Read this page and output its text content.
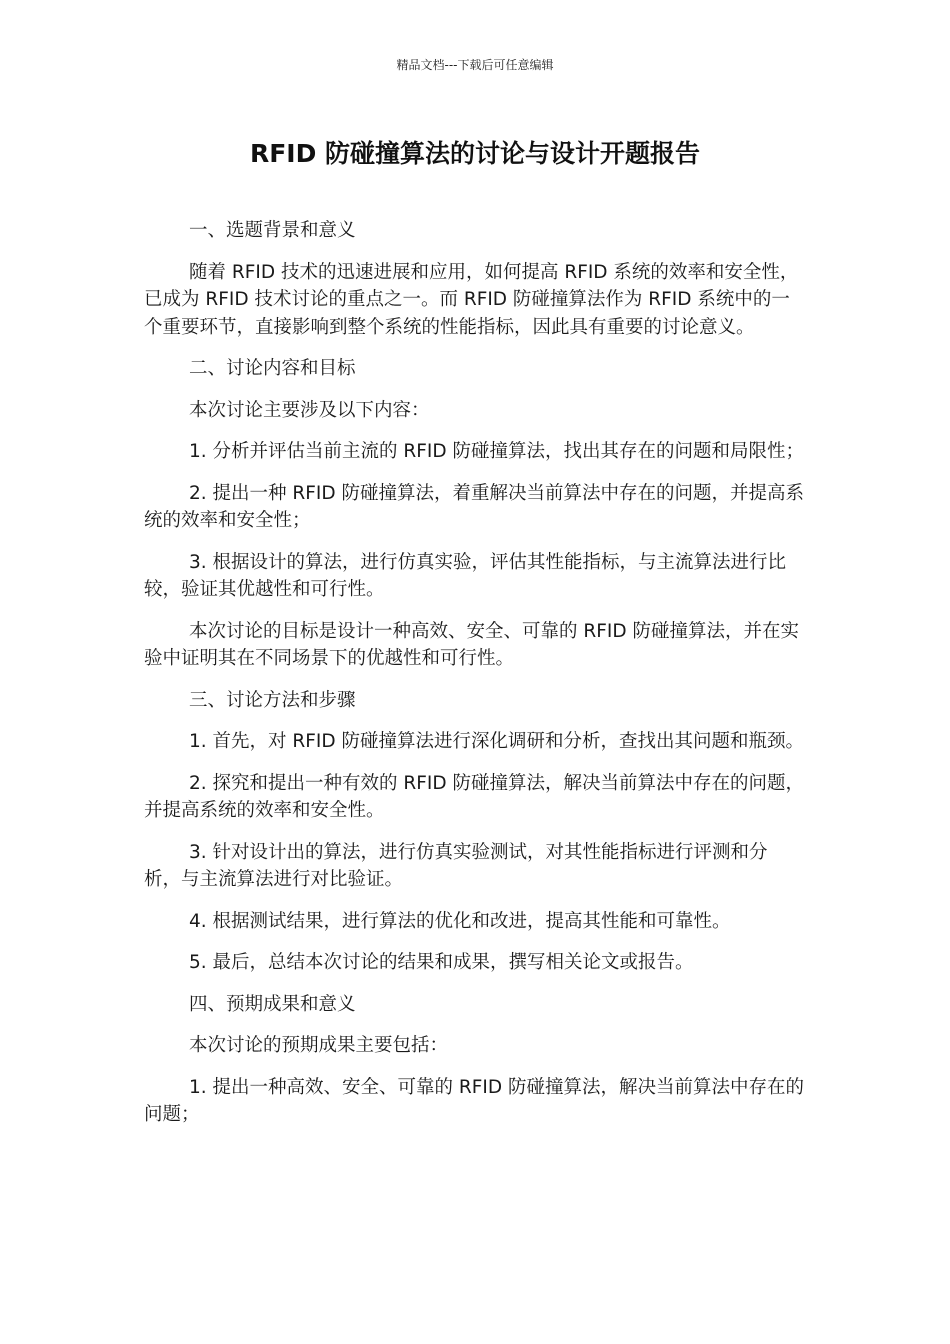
精品文档---下载后可任意编辑
RFID 防碰撞算法的讨论与设计开题报告

一、选题背景和意义

随着 RFID 技术的迅速进展和应用，如何提高 RFID 系统的效率和安全性，已成为 RFID 技术讨论的重点之一。而 RFID 防碰撞算法作为 RFID 系统中的一个重要环节，直接影响到整个系统的性能指标，因此具有重要的讨论意义。

二、讨论内容和目标

本次讨论主要涉及以下内容：

1. 分析并评估当前主流的 RFID 防碰撞算法，找出其存在的问题和局限性；

2. 提出一种 RFID 防碰撞算法，着重解决当前算法中存在的问题，并提高系统的效率和安全性；

3. 根据设计的算法，进行仿真实验，评估其性能指标，与主流算法进行比较，验证其优越性和可行性。

本次讨论的目标是设计一种高效、安全、可靠的 RFID 防碰撞算法，并在实验中证明其在不同场景下的优越性和可行性。

三、讨论方法和步骤

1. 首先，对 RFID 防碰撞算法进行深化调研和分析，查找出其问题和瓶颈。

2. 探究和提出一种有效的 RFID 防碰撞算法，解决当前算法中存在的问题，并提高系统的效率和安全性。

3. 针对设计出的算法，进行仿真实验测试，对其性能指标进行评测和分析，与主流算法进行对比验证。

4. 根据测试结果，进行算法的优化和改进，提高其性能和可靠性。

5. 最后，总结本次讨论的结果和成果，撰写相关论文或报告。

四、预期成果和意义

本次讨论的预期成果主要包括：

1. 提出一种高效、安全、可靠的 RFID 防碰撞算法，解决当前算法中存在的问题；
